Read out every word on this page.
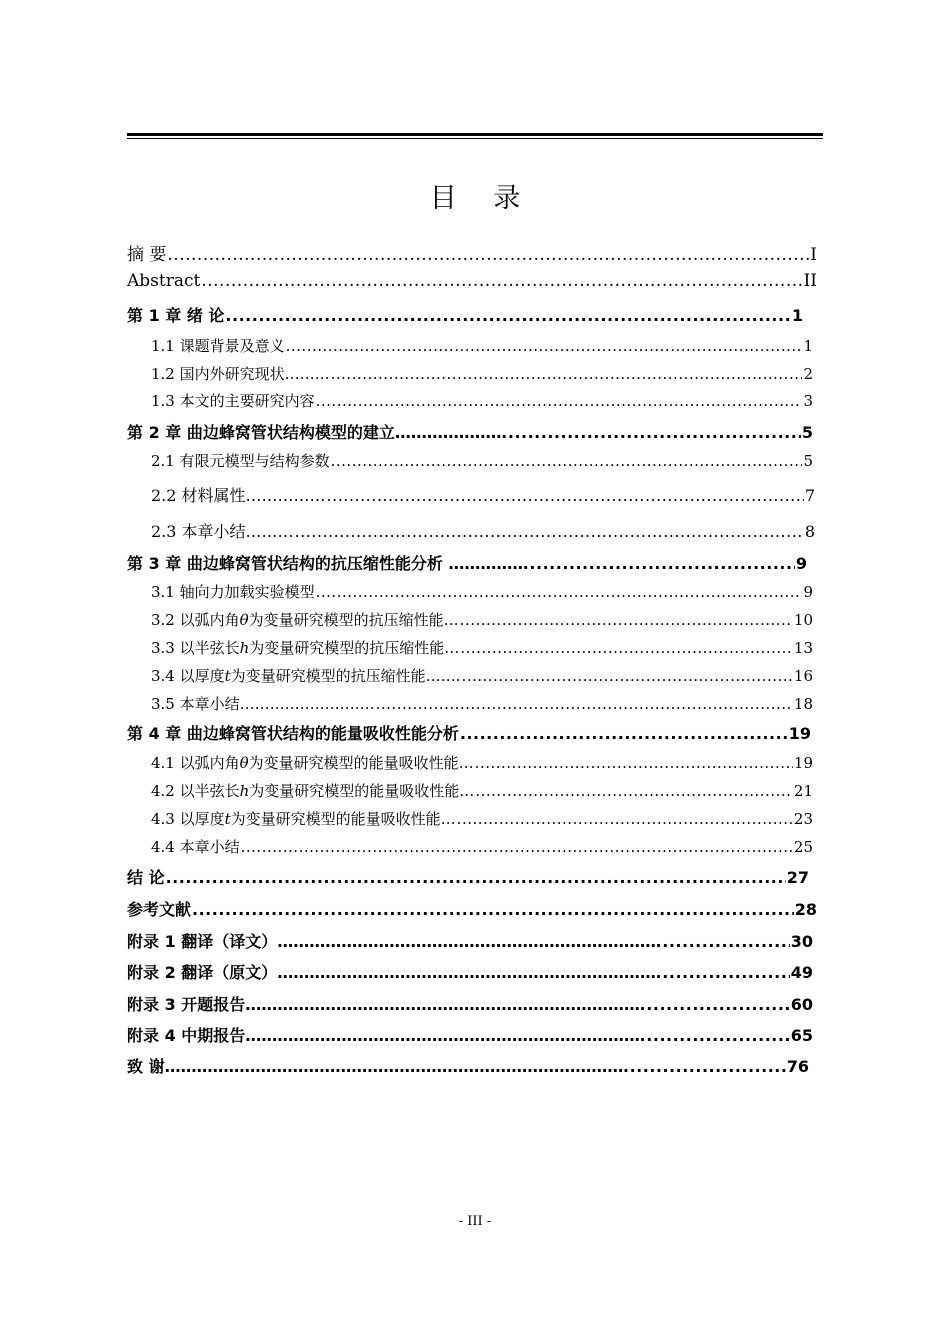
目 录
摘 要 .....	I
Abstract .....	II
第 1 章 绪 论 .....	1
1.1 课题背景及意义 .....	1
1.2 国内外研究现状……… .....	2
1.3 本文的主要研究内容 .....	3
第 2 章 曲边蜂窝管状结构模型的建立………………… .....	5
2.1 有限元模型与结构参数 .....	5
2.2 材料属性…………… .....	7
2.3 本章小结……… .....	8
第 3 章 曲边蜂窝管状结构的抗压缩性能分析 …………… .....	9
3.1 轴向力加载实验模型 .....	9
3.2 以弧内角θ为变量研究模型的抗压缩性能… .....	10
3.3 以半弦长h为变量研究模型的抗压缩性能… .....	13
3.4 以厚度t为变量研究模型的抗压缩性能……. .....	16
3.5 本章小结……………………… .....	18
第 4 章 曲边蜂窝管状结构的能量吸收性能分析 .....	19
4.1 以弧内角θ为变量研究模型的能量吸收性能… .....	19
4.2 以半弦长h为变量研究模型的能量吸收性能… .....	21
4.3 以厚度t为变量研究模型的能量吸收性能… .....	23
4.4 本章小结 .....	25
结 论 .....	27
参考文献 .....	28
附录 1 翻译（译文）……………………………………………………………… .....	30
附录 2 翻译（原文）……………………………………………………………… .....	49
附录 3 开题报告………………………………………………………………… .....	60
附录 4 中期报告………………………………………………………………… .....	65
致 谢…………………………………………………………………………… .....	76
- III -
